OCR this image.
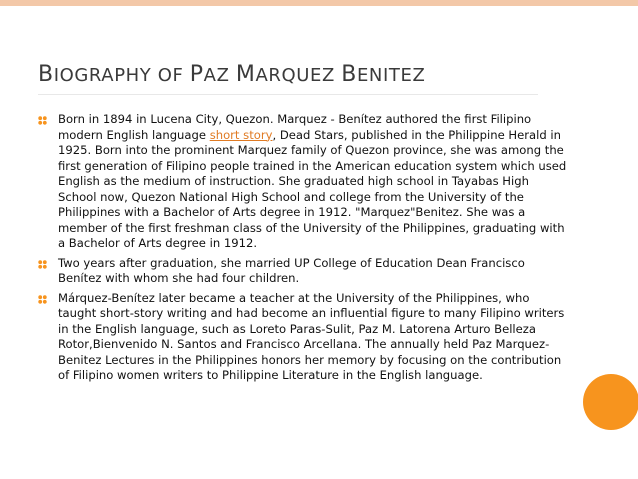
BIOGRAPHY OF PAZ MARQUEZ BENITEZ
Born in 1894 in Lucena City, Quezon. Marquez - Benítez authored the first Filipino modern English language short story, Dead Stars, published in the Philippine Herald in 1925. Born into the prominent Marquez family of Quezon province, she was among the first generation of Filipino people trained in the American education system which used English as the medium of instruction. She graduated high school in Tayabas High School now, Quezon National High School and college from the University of the Philippines with a Bachelor of Arts degree in 1912. "Marquez"Benitez. She was a member of the first freshman class of the University of the Philippines, graduating with a Bachelor of Arts degree in 1912.
Two years after graduation, she married UP College of Education Dean Francisco Benítez with whom she had four children.
Márquez-Benítez later became a teacher at the University of the Philippines, who taught short-story writing and had become an influential figure to many Filipino writers in the English language, such as Loreto Paras-Sulit, Paz M. Latorena Arturo Belleza Rotor,Bienvenido N. Santos and Francisco Arcellana. The annually held Paz Marquez-Benitez Lectures in the Philippines honors her memory by focusing on the contribution of Filipino women writers to Philippine Literature in the English language.
